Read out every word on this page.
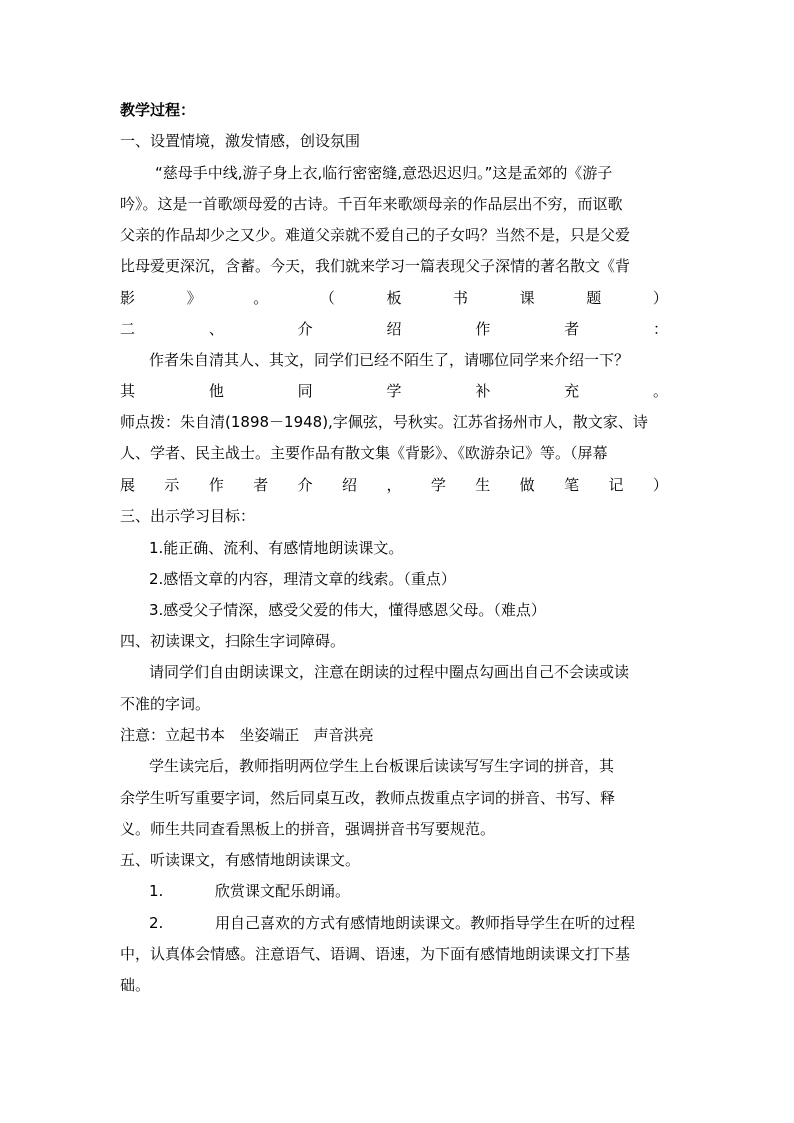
教学过程：
一、设置情境，激发情感，创设氛围
“慈母手中线,游子身上衣,临行密密缝,意恐迟迟归。”这是孟郊的《游子
吟》。这是一首歌颂母爱的古诗。千百年来歌颂母亲的作品层出不穷，而讴歌
父亲的作品却少之又少。难道父亲就不爱自己的子女吗？当然不是，只是父爱
比母爱更深沉，含蓄。今天，我们就来学习一篇表现父子深情的著名散文《背
影	》	。	（	板	书	课	题	）
二	、	介	绍	作	者	：
作者朱自清其人、其文，同学们已经不陌生了，请哪位同学来介绍一下？
其	他	同	学	补	充	。
师点拨：朱自清(1898－1948),字佩弦，号秋实。江苏省扬州市人，散文家、诗
人、学者、民主战士。主要作品有散文集《背影》、《欧游杂记》等。（屏幕
展 示 作 者 介 绍 ， 学 生 做 笔 记 ）
三、出示学习目标：
1.能正确、流利、有感情地朗读课文。
2.感悟文章的内容，理清文章的线索。（重点）
3.感受父子情深，感受父爱的伟大，懂得感恩父母。（难点）
四、初读课文，扫除生字词障碍。
请同学们自由朗读课文，注意在朗读的过程中圈点勾画出自己不会读或读
不准的字词。
注意：立起书本   坐姿端正   声音洪亮
学生读完后，教师指明两位学生上台板课后读读写写生字词的拼音，其
余学生听写重要字词，然后同桌互改，教师点拨重点字词的拼音、书写、释
义。师生共同查看黑板上的拼音，强调拼音书写要规范。
五、听读课文，有感情地朗读课文。
1.	欣赏课文配乐朗诵。
2.	用自己喜欢的方式有感情地朗读课文。教师指导学生在听的过程
中，认真体会情感。注意语气、语调、语速，为下面有感情地朗读课文打下基
础。
